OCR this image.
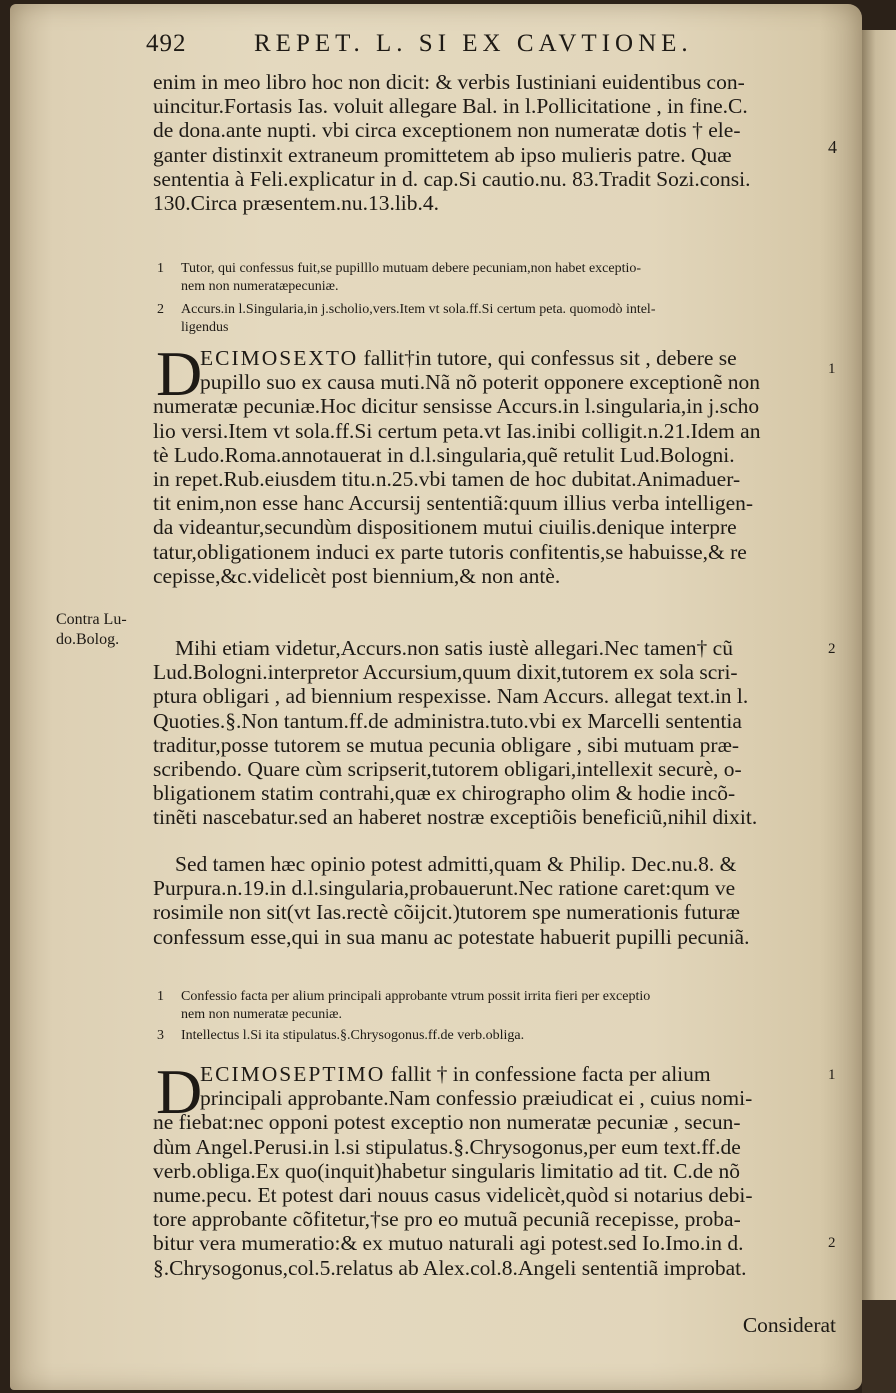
492	REPET. L. SI EX CAVTIONE.
enim in meo libro hoc non dicit: & verbis Iustiniani euidentibus con-
uincitur.Fortasis Ias. voluit allegare Bal. in l.Pollicitatione , in fine.C.
de dona.ante nupti. vbi circa exceptionem non numeratæ dotis † ele-
ganter distinxit extraneum promittetem ab ipso mulieris patre. Quæ
sententia à Feli.explicatur in d. cap.Si cautio.nu. 83.Tradit Sozi.consi.
130.Circa præsentem.nu.13.lib.4.
4
1 Tutor, qui confessus fuit,se pupilllo mutuam debere pecuniam,non habet exceptio-
nem non numeratæpecuniæ.
2 Accurs.in l.Singularia,in j.scholio,vers.Item vt sola.ff.Si certum peta. quomodò intel-
ligendus
D
ECIMOSEXTO fallit†in tutore, qui confessus sit , debere se
pupillo suo ex causa muti.Nã nõ poterit opponere exceptionẽ non
numeratæ pecuniæ.Hoc dicitur sensisse Accurs.in l.singularia,in j.scho
lio versi.Item vt sola.ff.Si certum peta.vt Ias.inibi colligit.n.21.Idem an
tè Ludo.Roma.annotauerat in d.l.singularia,quẽ retulit Lud.Bologni.
in repet.Rub.eiusdem titu.n.25.vbi tamen de hoc dubitat.Animaduer-
tit enim,non esse hanc Accursij sententiã:quum illius verba intelligen-
da videantur,secundùm dispositionem mutui ciuilis.denique interpre
tatur,obligationem induci ex parte tutoris confitentis,se habuisse,& re
cepisse,&c.videlicèt post biennium,& non antè.
1
Contra Lu-
do.Bolog.	Mihi etiam videtur,Accurs.non satis iustè allegari.Nec tamen† cũ
Lud.Bologni.interpretor Accursium,quum dixit,tutorem ex sola scri-
ptura obligari , ad biennium respexisse. Nam Accurs. allegat text.in l.
Quoties.§.Non tantum.ff.de administra.tuto.vbi ex Marcelli sententia
traditur,posse tutorem se mutua pecunia obligare , sibi mutuam præ-
scribendo. Quare cùm scripserit,tutorem obligari,intellexit securè, o-
bligationem statim contrahi,quæ ex chirographo olim & hodie incõ-
tinẽti nascebatur.sed an haberet nostræ exceptiõis beneficiũ,nihil dixit.
2
Sed tamen hæc opinio potest admitti,quam & Philip. Dec.nu.8. &
Purpura.n.19.in d.l.singularia,probauerunt.Nec ratione caret:qum ve
rosimile non sit(vt Ias.rectè cõijcit.)tutorem spe numerationis futuræ
confessum esse,qui in sua manu ac potestate habuerit pupilli pecuniã.
1 Confessio facta per alium principali approbante vtrum possit irrita fieri per exceptio
nem non numeratæ pecuniæ.
3 Intellectus l.Si ita stipulatus.§.Chrysogonus.ff.de verb.obliga.
D
ECIMOSEPTIMO fallit † in confessione facta per alium
principali approbante.Nam confessio præiudicat ei , cuius nomi-
ne fiebat:nec opponi potest exceptio non numeratæ pecuniæ , secun-
dùm Angel.Perusi.in l.si stipulatus.§.Chrysogonus,per eum text.ff.de
verb.obliga.Ex quo(inquit)habetur singularis limitatio ad tit. C.de nõ
nume.pecu. Et potest dari nouus casus videlicèt,quòd si notarius debi-
tore approbante cõfitetur,†se pro eo mutuã pecuniã recepisse, proba-
bitur vera mumeratio:& ex mutuo naturali agi potest.sed Io.Imo.in d.
§.Chrysogonus,col.5.relatus ab Alex.col.8.Angeli sententiã improbat.
1
2
Considerat
